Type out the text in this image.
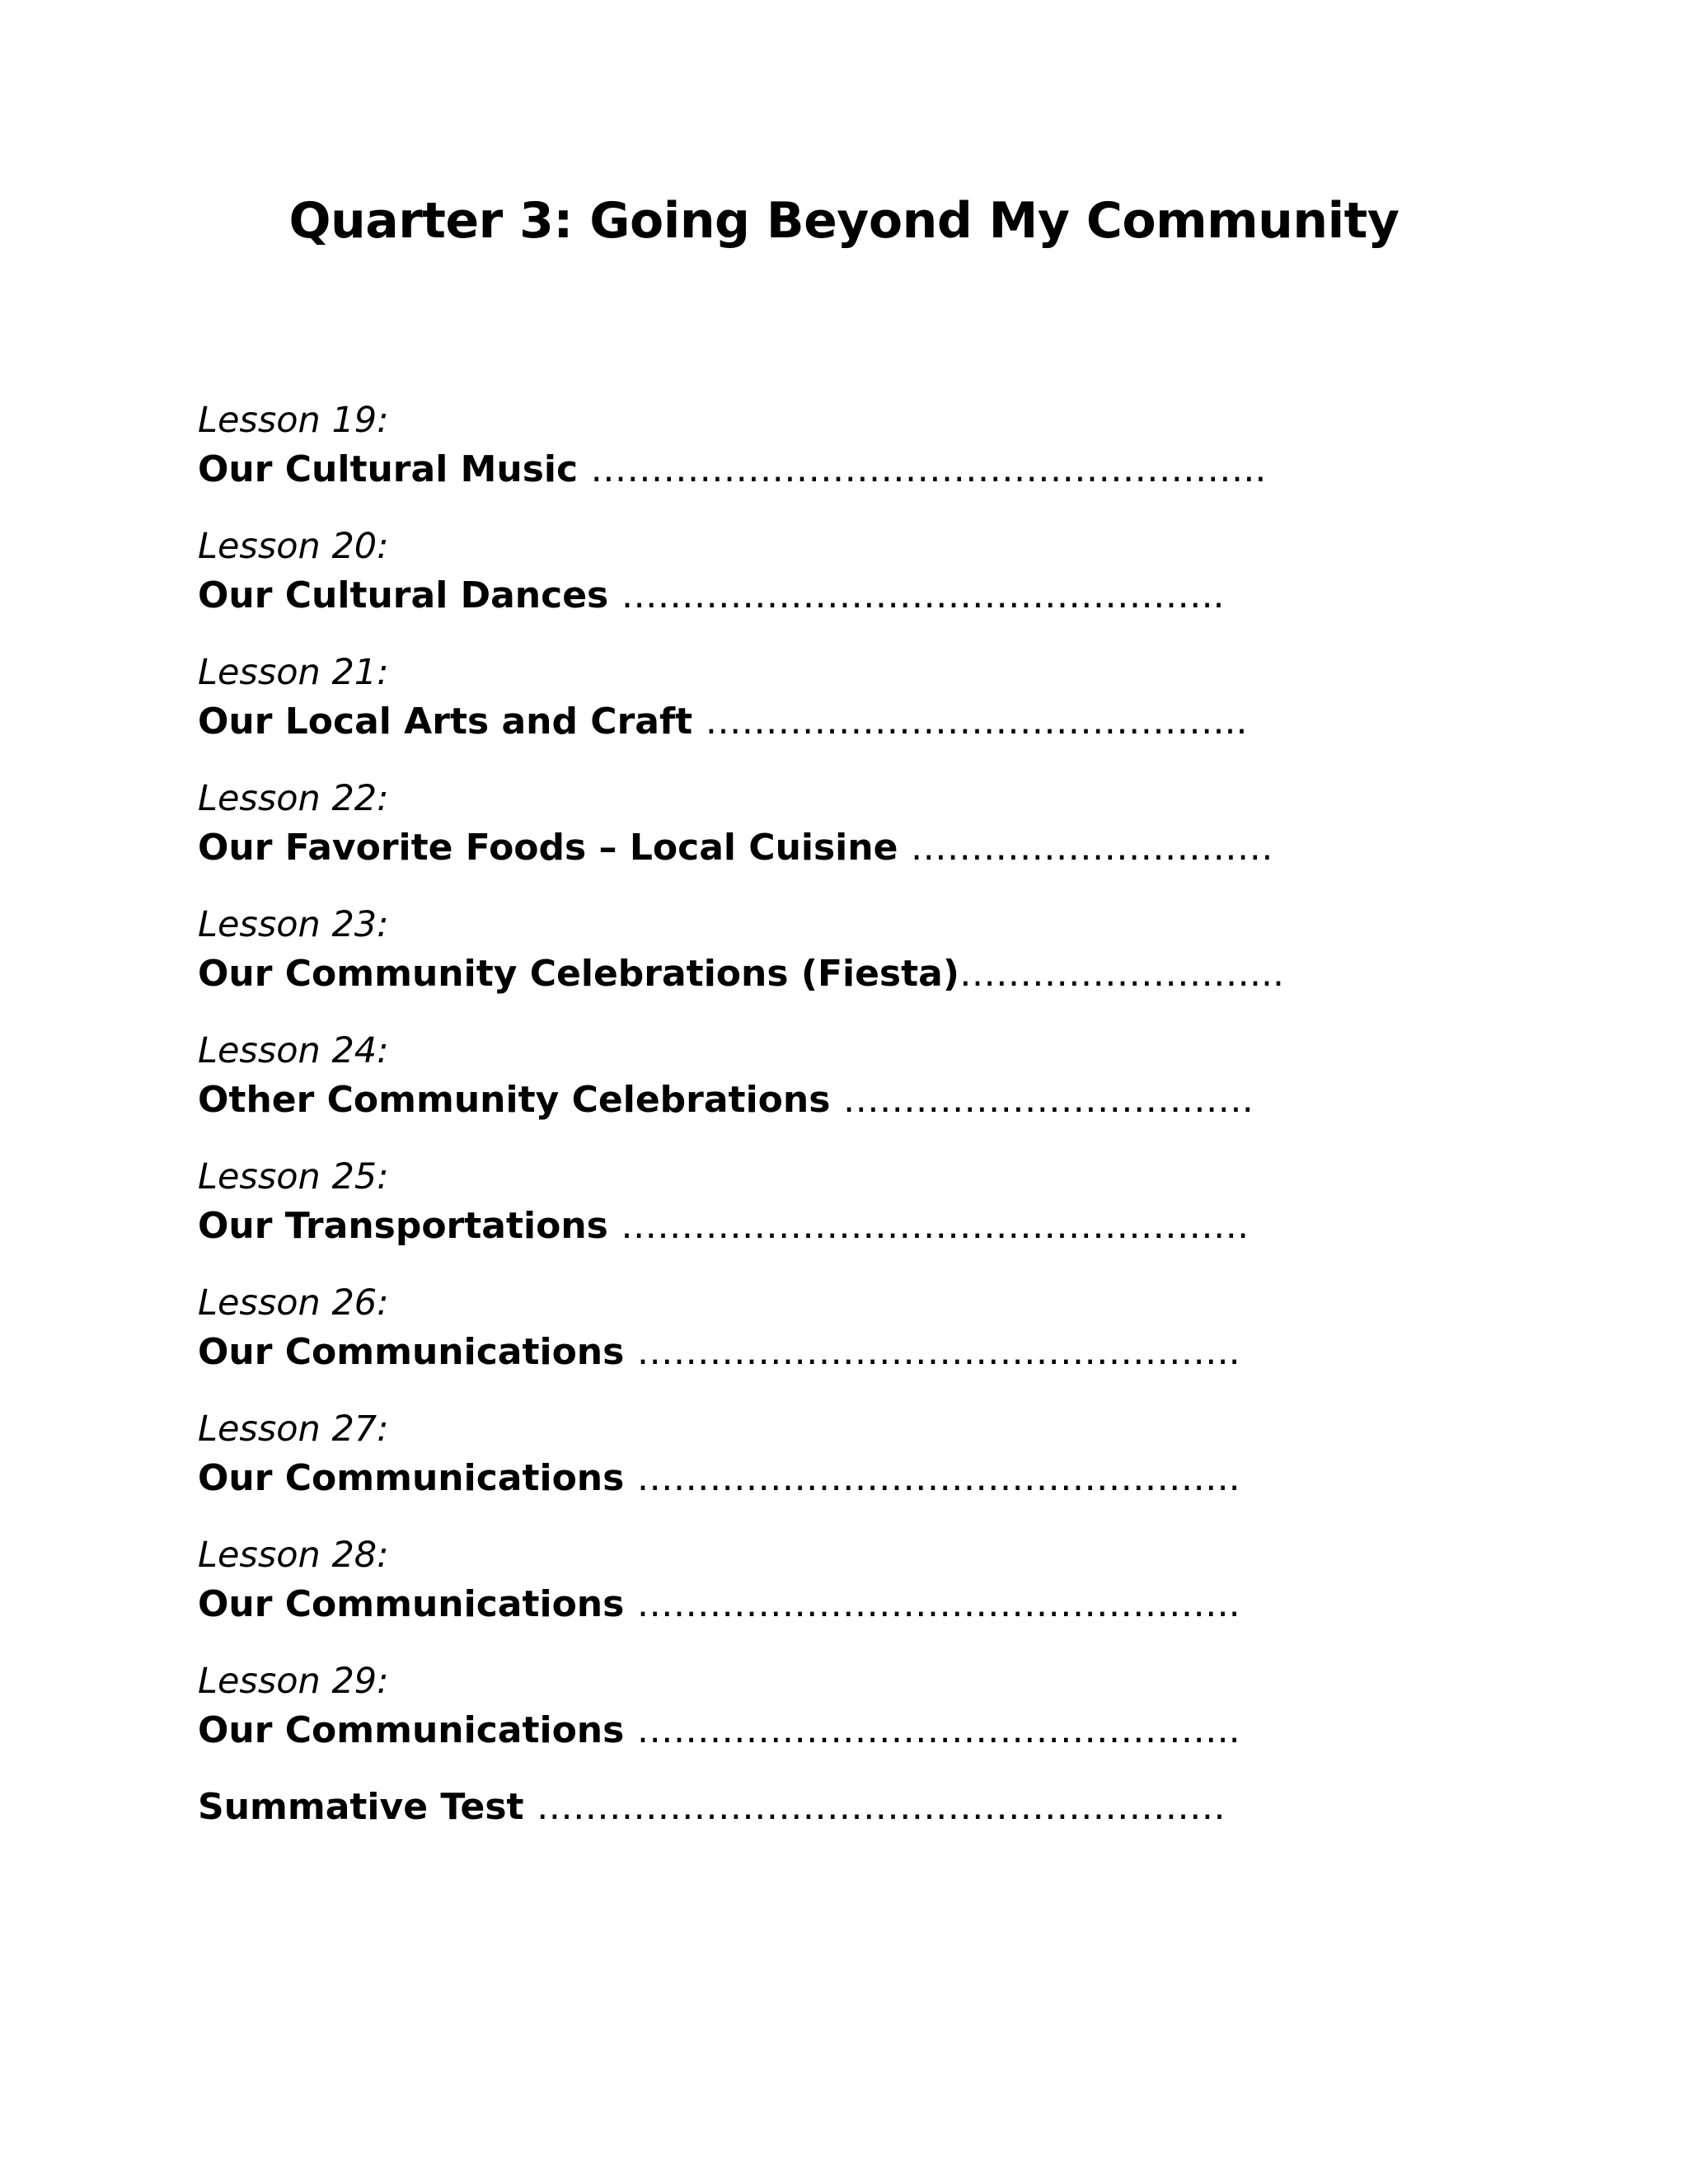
Quarter 3: Going Beyond My Community
Lesson 19:
Our Cultural Music ………………………………………………..
Lesson 20:
Our Cultural Dances …………………………………………..
Lesson 21:
Our Local Arts and Craft ……………………………………...
Lesson 22:
Our Favorite Foods – Local Cuisine …………………………
Lesson 23:
Our Community Celebrations (Fiesta)……………………...
Lesson 24:
Other Community Celebrations …………………………….
Lesson 25:
Our Transportations …………………………………………….
Lesson 26:
Our Communications …………………………………………..
Lesson 27:
Our Communications …………………………………………..
Lesson 28:
Our Communications …………………………………………..
Lesson 29:
Our Communications …………………………………………..
Summative Test …………………………………………………
